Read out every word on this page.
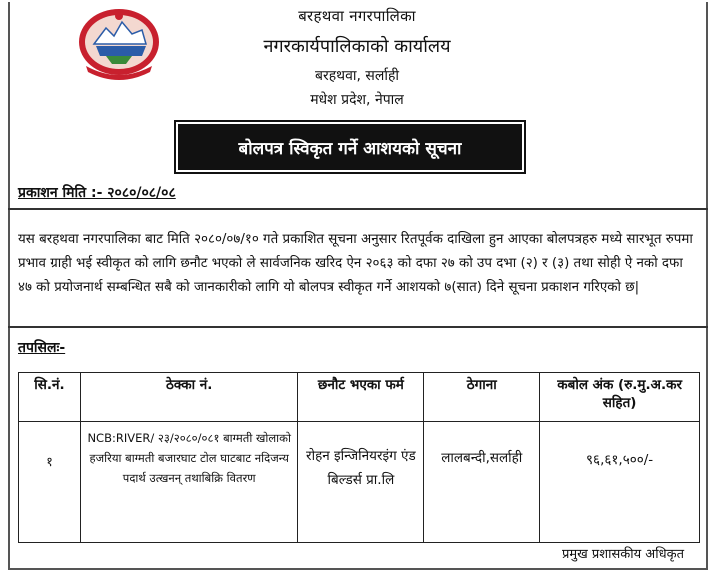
बरहथवा नगरपालिका
नगरकार्यपालिकाको कार्यालय
बरहथवा, सर्लाही
मधेश प्रदेश, नेपाल
बोलपत्र स्विकृत गर्ने आशयको सूचना
प्रकाशन मिति :- २०८०/०८/०८
यस बरहथवा नगरपालिका बाट मिति २०८०/०७/१० गते प्रकाशित सूचना अनुसार रितपूर्वक दाखिला हुन आएका बोलपत्रहरु मध्ये सारभूत रुपमा प्रभाव ग्राही भई स्वीकृत को लागि छनौट भएको ले सार्वजनिक खरिद ऐन २०६३ को दफा २७ को उप दभा (२) र (३) तथा सोही ऐ नको दफा ४७ को प्रयोजनार्थ सम्बन्धित सबै को जानकारीको लागि यो बोलपत्र स्वीकृत गर्ने आशयको ७(सात) दिने सूचना प्रकाशन गरिएको छ|
तपसिलः-
सि.नं.	ठेक्का नं.	छनौट भएका फर्म	ठेगाना	कबोल अंक (रु.मु.अ.कर सहित)
१	NCB:RIVER/ २३/२०८०/०८१ बाग्मती खोलाको हजरिया बाग्मती बजारघाट टोल घाटबाट नदिजन्य पदार्थ उत्खनन् तथाबिक्रि वितरण	रोहन इन्जिनियरइंग एंड बिल्डर्स प्रा.लि	लालबन्दी,सर्लाही	९६,६१,५००/-
प्रमुख प्रशासकीय अधिकृत
